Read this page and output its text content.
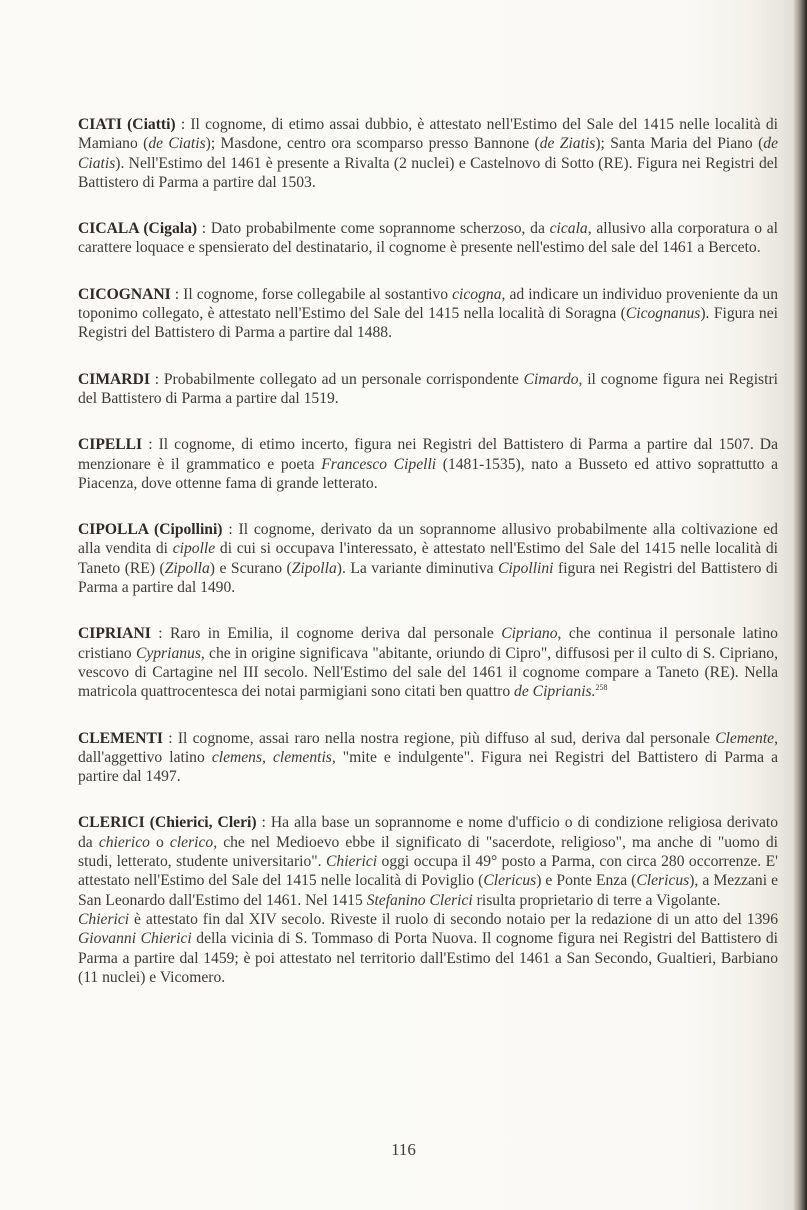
CIATI (Ciatti) : Il cognome, di etimo assai dubbio, è attestato nell'Estimo del Sale del 1415 nelle località di Mamiano (de Ciatis); Masdone, centro ora scomparso presso Bannone (de Ziatis); Santa Maria del Piano (de Ciatis). Nell'Estimo del 1461 è presente a Rivalta (2 nuclei) e Castelnovo di Sotto (RE). Figura nei Registri del Battistero di Parma a partire dal 1503.

CICALA (Cigala) : Dato probabilmente come soprannome scherzoso, da cicala, allusivo alla corporatura o al carattere loquace e spensierato del destinatario, il cognome è presente nell'estimo del sale del 1461 a Berceto.

CICOGNANI : Il cognome, forse collegabile al sostantivo cicogna, ad indicare un individuo proveniente da un toponimo collegato, è attestato nell'Estimo del Sale del 1415 nella località di Soragna (Cicognanus). Figura nei Registri del Battistero di Parma a partire dal 1488.

CIMARDI : Probabilmente collegato ad un personale corrispondente Cimardo, il cognome figura nei Registri del Battistero di Parma a partire dal 1519.

CIPELLI : Il cognome, di etimo incerto, figura nei Registri del Battistero di Parma a partire dal 1507. Da menzionare è il grammatico e poeta Francesco Cipelli (1481-1535), nato a Busseto ed attivo soprattutto a Piacenza, dove ottenne fama di grande letterato.

CIPOLLA (Cipollini) : Il cognome, derivato da un soprannome allusivo probabilmente alla coltivazione ed alla vendita di cipolle di cui si occupava l'interessato, è attestato nell'Estimo del Sale del 1415 nelle località di Taneto (RE) (Zipolla) e Scurano (Zipolla). La variante diminutiva Cipollini figura nei Registri del Battistero di Parma a partire dal 1490.

CIPRIANI : Raro in Emilia, il cognome deriva dal personale Cipriano, che continua il personale latino cristiano Cyprianus, che in origine significava "abitante, oriundo di Cipro", diffusosi per il culto di S. Cipriano, vescovo di Cartagine nel III secolo. Nell'Estimo del sale del 1461 il cognome compare a Taneto (RE). Nella matricola quattrocentesca dei notai parmigiani sono citati ben quattro de Ciprianis.$^{258}$

CLEMENTI : Il cognome, assai raro nella nostra regione, più diffuso al sud, deriva dal personale Clemente, dall'aggettivo latino clemens, clementis, "mite e indulgente". Figura nei Registri del Battistero di Parma a partire dal 1497.

CLERICI (Chierici, Cleri) : Ha alla base un soprannome e nome d'ufficio o di condizione religiosa derivato da chierico o clerico, che nel Medioevo ebbe il significato di "sacerdote, religioso", ma anche di "uomo di studi, letterato, studente universitario". Chierici oggi occupa il 49° posto a Parma, con circa 280 occorrenze. E' attestato nell'Estimo del Sale del 1415 nelle località di Poviglio (Clericus) e Ponte Enza (Clericus), a Mezzani e San Leonardo dall'Estimo del 1461. Nel 1415 Stefanino Clerici risulta proprietario di terre a Vigolante.

Chierici è attestato fin dal XIV secolo. Riveste il ruolo di secondo notaio per la redazione di un atto del 1396 Giovanni Chierici della vicinia di S. Tommaso di Porta Nuova. Il cognome figura nei Registri del Battistero di Parma a partire dal 1459; è poi attestato nel territorio dall'Estimo del 1461 a San Secondo, Gualtieri, Barbiano (11 nuclei) e Vicomero.

116
